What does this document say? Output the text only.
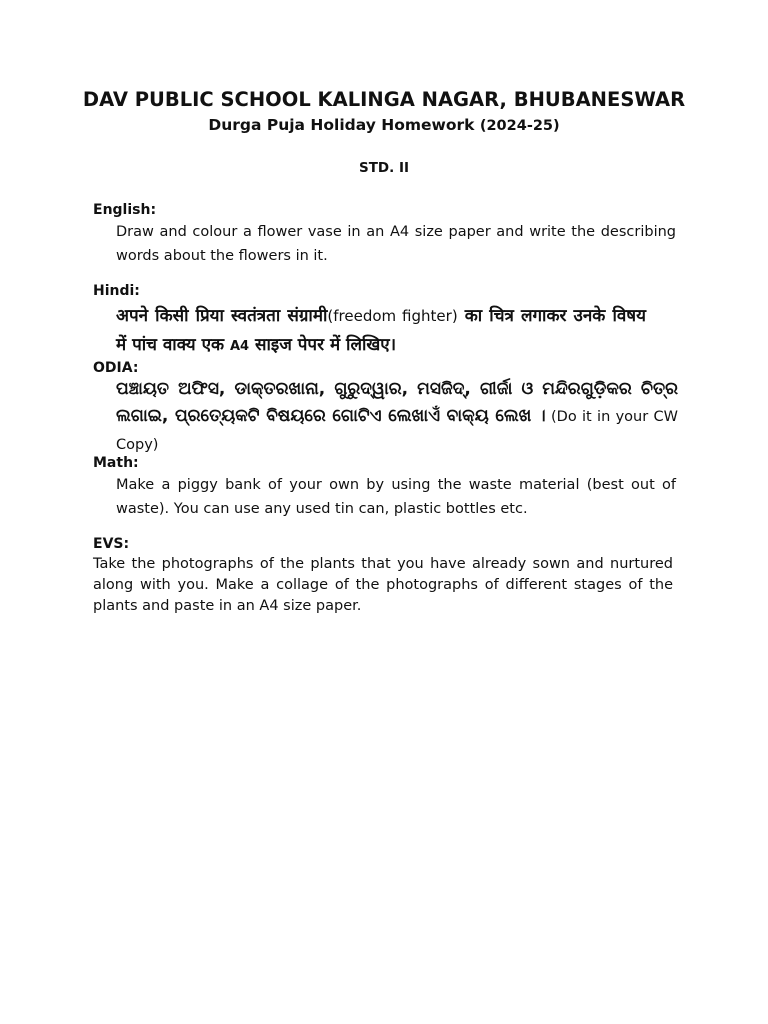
DAV PUBLIC SCHOOL KALINGA NAGAR, BHUBANESWAR
Durga Puja Holiday Homework (2024-25)
STD. II
English:
Draw and colour a flower vase in an A4 size paper and write the describing words about the flowers in it.
Hindi:
अपने किसी प्रिया स्वतंत्रता संग्रामी(freedom fighter) का चित्र लगाकर उनके विषय में पांच वाक्य एक A4 साइज पेपर में लिखिए।
ODIA:
ପଞ୍ଚାୟତ ଅଫିସ, ଡାକ୍ତରଖାନା, ଗୁରୁଦ୍ୱାର, ମସଜିଦ୍, ଗୀର୍ଜା ଓ ମନ୍ଦିରଗୁଡ଼ିକର ଚିତ୍ର ଲଗାଇ, ପ୍ରତ୍ୟେକଟି ବିଷୟରେ ଗୋଟିଏ ଲେଖାଏଁ ବାକ୍ୟ ଲେଖ । (Do it in your CW Copy)
Math:
Make a piggy bank of your own by using the waste material (best out of waste). You can use any used tin can, plastic bottles etc.
EVS:
Take the photographs of the plants that you have already sown and nurtured along with you. Make a collage of the photographs of different stages of the plants and paste in an A4 size paper.
